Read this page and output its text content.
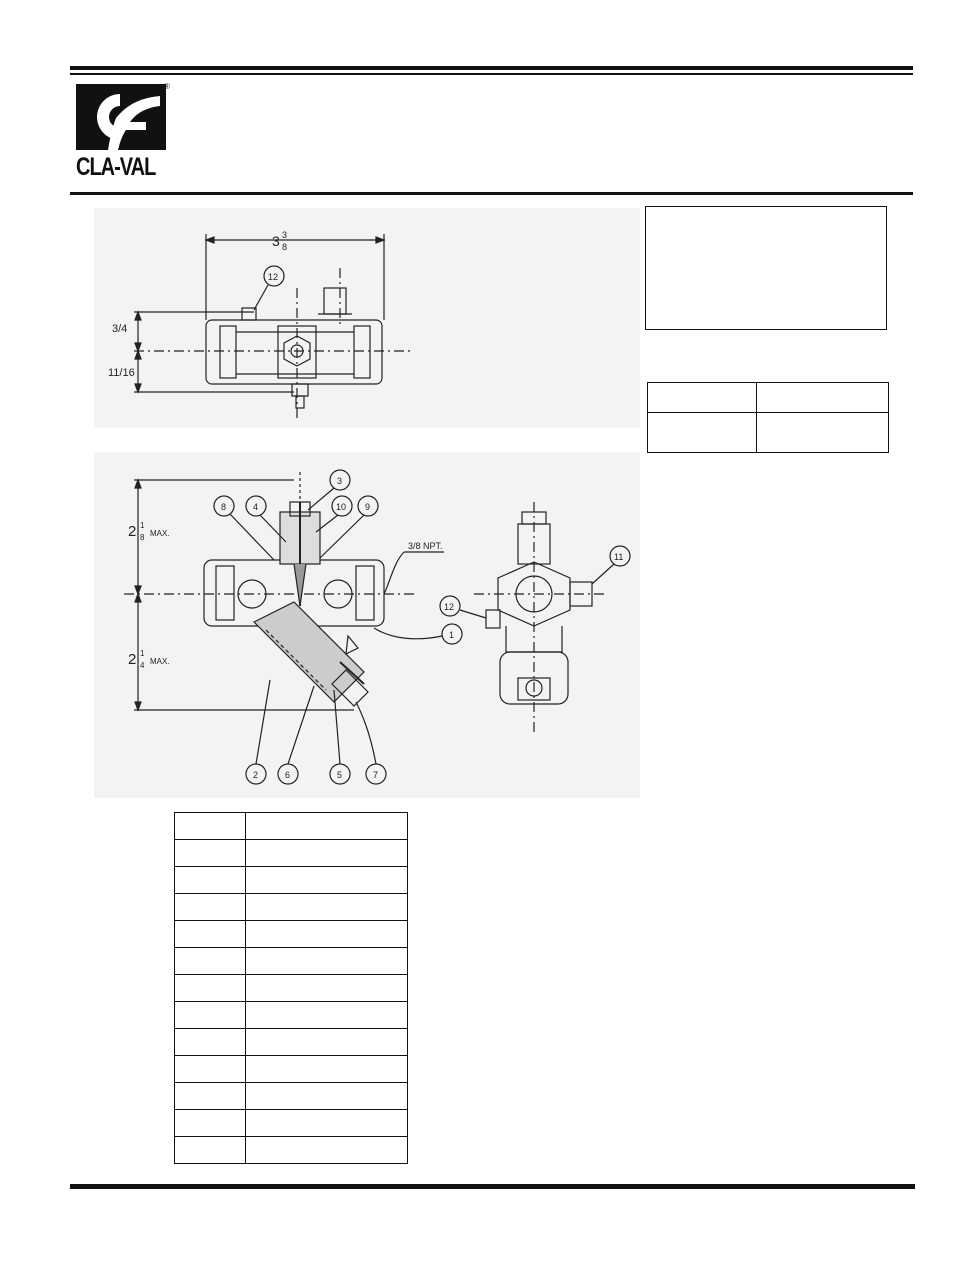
®
CLA-VAL
3 3
8
3/4
11/16
12
2 1
8 MAX.
2 1
4 MAX.
3/8 NPT.
1
2
3
4
5
6	7
8	9
10
11
12
